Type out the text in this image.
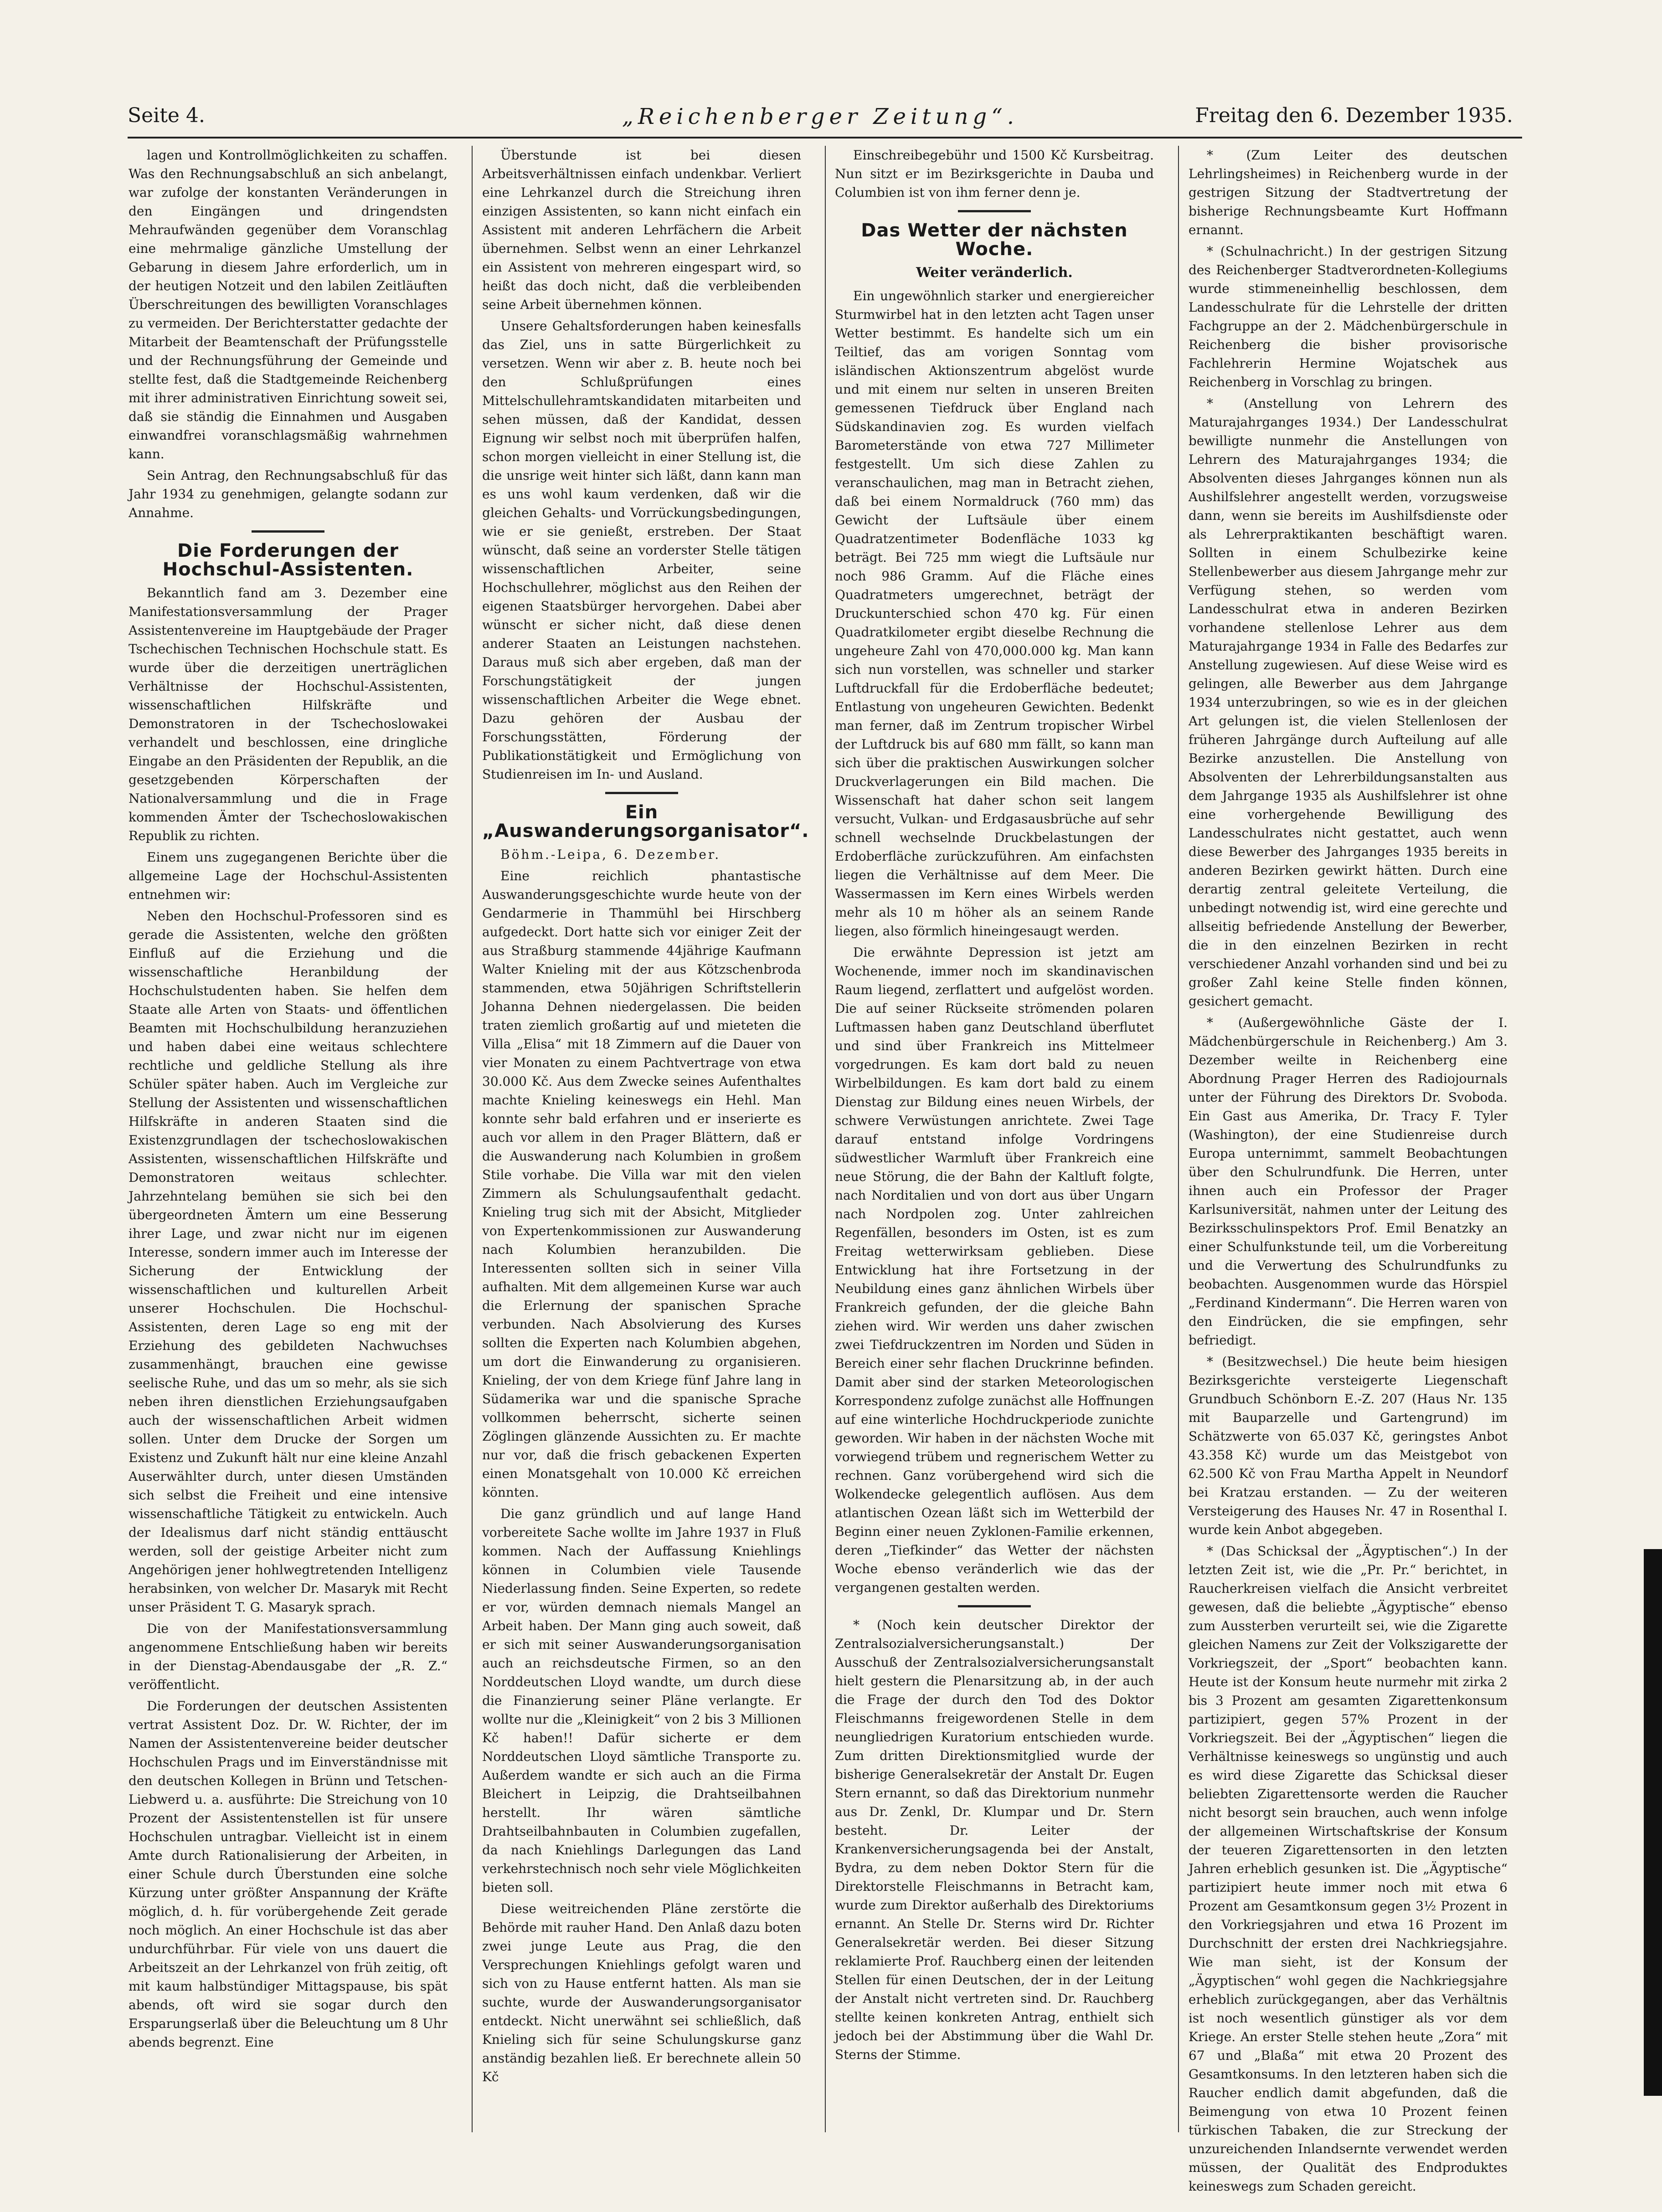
Seite 4.	„Reichenberger Zeitung“.	Freitag den 6. Dezember 1935.

lagen und Kontrollmöglichkeiten zu schaffen. Was den Rechnungsabschluß an sich anbelangt, war zufolge der konstanten Veränderungen in den Eingängen und dringendsten Mehraufwänden gegenüber dem Voranschlag eine mehrmalige gänzliche Umstellung der Gebarung in diesem Jahre erforderlich, um in der heutigen Notzeit und den labilen Zeitläuften Überschreitungen des bewilligten Voranschlages zu vermeiden. Der Berichterstatter gedachte der Mitarbeit der Beamtenschaft der Prüfungsstelle und der Rechnungsführung der Gemeinde und stellte fest, daß die Stadtgemeinde Reichenberg mit ihrer administrativen Einrichtung soweit sei, daß sie ständig die Einnahmen und Ausgaben einwandfrei voranschlagsmäßig wahrnehmen kann.

Sein Antrag, den Rechnungsabschluß für das Jahr 1934 zu genehmigen, gelangte sodann zur Annahme.

Die Forderungen der Hochschul-Assistenten.

Bekanntlich fand am 3. Dezember eine Manifestationsversammlung der Prager Assistentenvereine im Hauptgebäude der Prager Tschechischen Technischen Hochschule statt. Es wurde über die derzeitigen unerträglichen Verhältnisse der Hochschul-Assistenten, wissenschaftlichen Hilfskräfte und Demonstratoren in der Tschechoslowakei verhandelt und beschlossen, eine dringliche Eingabe an den Präsidenten der Republik, an die gesetzgebenden Körperschaften der Nationalversammlung und die in Frage kommenden Ämter der Tschechoslowakischen Republik zu richten.

Einem uns zugegangenen Berichte über die allgemeine Lage der Hochschul-Assistenten entnehmen wir:

Neben den Hochschul-Professoren sind es gerade die Assistenten, welche den größten Einfluß auf die Erziehung und die wissenschaftliche Heranbildung der Hochschulstudenten haben. Sie helfen dem Staate alle Arten von Staats- und öffentlichen Beamten mit Hochschulbildung heranzuziehen und haben dabei eine weitaus schlechtere rechtliche und geldliche Stellung als ihre Schüler später haben. Auch im Vergleiche zur Stellung der Assistenten und wissenschaftlichen Hilfskräfte in anderen Staaten sind die Existenzgrundlagen der tschechoslowakischen Assistenten, wissenschaftlichen Hilfskräfte und Demonstratoren weitaus schlechter. Jahrzehntelang bemühen sie sich bei den übergeordneten Ämtern um eine Besserung ihrer Lage, und zwar nicht nur im eigenen Interesse, sondern immer auch im Interesse der Sicherung der Entwicklung der wissenschaftlichen und kulturellen Arbeit unserer Hochschulen. Die Hochschul-Assistenten, deren Lage so eng mit der Erziehung des gebildeten Nachwuchses zusammenhängt, brauchen eine gewisse seelische Ruhe, und das um so mehr, als sie sich neben ihren dienstlichen Erziehungsaufgaben auch der wissenschaftlichen Arbeit widmen sollen. Unter dem Drucke der Sorgen um Existenz und Zukunft hält nur eine kleine Anzahl Auserwählter durch, unter diesen Umständen sich selbst die Freiheit und eine intensive wissenschaftliche Tätigkeit zu entwickeln. Auch der Idealismus darf nicht ständig enttäuscht werden, soll der geistige Arbeiter nicht zum Angehörigen jener hohlwegtretenden Intelligenz herabsinken, von welcher Dr. Masaryk mit Recht unser Präsident T. G. Masaryk sprach.

Die von der Manifestationsversammlung angenommene Entschließung haben wir bereits in der Dienstag-Abendausgabe der „R. Z.“ veröffentlicht.

Die Forderungen der deutschen Assistenten vertrat Assistent Doz. Dr. W. Richter, der im Namen der Assistentenvereine beider deutscher Hochschulen Prags und im Einverständnisse mit den deutschen Kollegen in Brünn und Tetschen-Liebwerd u. a. ausführte: Die Streichung von 10 Prozent der Assistentenstellen ist für unsere Hochschulen untragbar. Vielleicht ist in einem Amte durch Rationalisierung der Arbeiten, in einer Schule durch Überstunden eine solche Kürzung unter größter Anspannung der Kräfte möglich, d. h. für vorübergehende Zeit gerade noch möglich. An einer Hochschule ist das aber undurchführbar. Für viele von uns dauert die Arbeitszeit an der Lehrkanzel von früh zeitig, oft mit kaum halbstündiger Mittagspause, bis spät abends, oft wird sie sogar durch den Ersparungserlaß über die Beleuchtung um 8 Uhr abends begrenzt. Eine

Überstunde ist bei diesen Arbeitsverhältnissen einfach undenkbar. Verliert eine Lehrkanzel durch die Streichung ihren einzigen Assistenten, so kann nicht einfach ein Assistent mit anderen Lehrfächern die Arbeit übernehmen. Selbst wenn an einer Lehrkanzel ein Assistent von mehreren eingespart wird, so heißt das doch nicht, daß die verbleibenden seine Arbeit übernehmen können.

Unsere Gehaltsforderungen haben keinesfalls das Ziel, uns in satte Bürgerlichkeit zu versetzen. Wenn wir aber z. B. heute noch bei den Schlußprüfungen eines Mittelschullehramtskandidaten mitarbeiten und sehen müssen, daß der Kandidat, dessen Eignung wir selbst noch mit überprüfen halfen, schon morgen vielleicht in einer Stellung ist, die die unsrige weit hinter sich läßt, dann kann man es uns wohl kaum verdenken, daß wir die gleichen Gehalts- und Vorrückungsbedingungen, wie er sie genießt, erstreben. Der Staat wünscht, daß seine an vorderster Stelle tätigen wissenschaftlichen Arbeiter, seine Hochschullehrer, möglichst aus den Reihen der eigenen Staatsbürger hervorgehen. Dabei aber wünscht er sicher nicht, daß diese denen anderer Staaten an Leistungen nachstehen. Daraus muß sich aber ergeben, daß man der Forschungstätigkeit der jungen wissenschaftlichen Arbeiter die Wege ebnet. Dazu gehören der Ausbau der Forschungsstätten, Förderung der Publikationstätigkeit und Ermöglichung von Studienreisen im In- und Ausland.

Ein „Auswanderungsorganisator“.

Böhm.-Leipa, 6. Dezember.

Eine reichlich phantastische Auswanderungsgeschichte wurde heute von der Gendarmerie in Thammühl bei Hirschberg aufgedeckt. Dort hatte sich vor einiger Zeit der aus Straßburg stammende 44jährige Kaufmann Walter Knieling mit der aus Kötzschenbroda stammenden, etwa 50jährigen Schriftstellerin Johanna Dehnen niedergelassen. Die beiden traten ziemlich großartig auf und mieteten die Villa „Elisa“ mit 18 Zimmern auf die Dauer von vier Monaten zu einem Pachtvertrage von etwa 30.000 Kč. Aus dem Zwecke seines Aufenthaltes machte Knieling keineswegs ein Hehl. Man konnte sehr bald erfahren und er inserierte es auch vor allem in den Prager Blättern, daß er die Auswanderung nach Kolumbien in großem Stile vorhabe. Die Villa war mit den vielen Zimmern als Schulungsaufenthalt gedacht. Knieling trug sich mit der Absicht, Mitglieder von Expertenkommissionen zur Auswanderung nach Kolumbien heranzubilden. Die Interessenten sollten sich in seiner Villa aufhalten. Mit dem allgemeinen Kurse war auch die Erlernung der spanischen Sprache verbunden. Nach Absolvierung des Kurses sollten die Experten nach Kolumbien abgehen, um dort die Einwanderung zu organisieren. Knieling, der von dem Kriege fünf Jahre lang in Südamerika war und die spanische Sprache vollkommen beherrscht, sicherte seinen Zöglingen glänzende Aussichten zu. Er machte nur vor, daß die frisch gebackenen Experten einen Monatsgehalt von 10.000 Kč erreichen könnten.

Die ganz gründlich und auf lange Hand vorbereitete Sache wollte im Jahre 1937 in Fluß kommen. Nach der Auffassung Kniehlings können in Columbien viele Tausende Niederlassung finden. Seine Experten, so redete er vor, würden demnach niemals Mangel an Arbeit haben. Der Mann ging auch soweit, daß er sich mit seiner Auswanderungsorganisation auch an reichsdeutsche Firmen, so an den Norddeutschen Lloyd wandte, um durch diese die Finanzierung seiner Pläne verlangte. Er wollte nur die „Kleinigkeit“ von 2 bis 3 Millionen Kč haben!! Dafür sicherte er dem Norddeutschen Lloyd sämtliche Transporte zu. Außerdem wandte er sich auch an die Firma Bleichert in Leipzig, die Drahtseilbahnen herstellt. Ihr wären sämtliche Drahtseilbahnbauten in Columbien zugefallen, da nach Kniehlings Darlegungen das Land verkehrstechnisch noch sehr viele Möglichkeiten bieten soll.

Diese weitreichenden Pläne zerstörte die Behörde mit rauher Hand. Den Anlaß dazu boten zwei junge Leute aus Prag, die den Versprechungen Kniehlings gefolgt waren und sich von zu Hause entfernt hatten. Als man sie suchte, wurde der Auswanderungsorganisator entdeckt. Nicht unerwähnt sei schließlich, daß Knieling sich für seine Schulungskurse ganz anständig bezahlen ließ. Er berechnete allein 50 Kč

Einschreibegebühr und 1500 Kč Kursbeitrag. Nun sitzt er im Bezirksgerichte in Dauba und Columbien ist von ihm ferner denn je.

Das Wetter der nächsten Woche.
Weiter veränderlich.

Ein ungewöhnlich starker und energiereicher Sturmwirbel hat in den letzten acht Tagen unser Wetter bestimmt. Es handelte sich um ein Teiltief, das am vorigen Sonntag vom isländischen Aktionszentrum abgelöst wurde und mit einem nur selten in unseren Breiten gemessenen Tiefdruck über England nach Südskandinavien zog. Es wurden vielfach Barometerstände von etwa 727 Millimeter festgestellt. Um sich diese Zahlen zu veranschaulichen, mag man in Betracht ziehen, daß bei einem Normaldruck (760 mm) das Gewicht der Luftsäule über einem Quadratzentimeter Bodenfläche 1033 kg beträgt. Bei 725 mm wiegt die Luftsäule nur noch 986 Gramm. Auf die Fläche eines Quadratmeters umgerechnet, beträgt der Druckunterschied schon 470 kg. Für einen Quadratkilometer ergibt dieselbe Rechnung die ungeheure Zahl von 470,000.000 kg. Man kann sich nun vorstellen, was schneller und starker Luftdruckfall für die Erdoberfläche bedeutet; Entlastung von ungeheuren Gewichten. Bedenkt man ferner, daß im Zentrum tropischer Wirbel der Luftdruck bis auf 680 mm fällt, so kann man sich über die praktischen Auswirkungen solcher Druckverlagerungen ein Bild machen. Die Wissenschaft hat daher schon seit langem versucht, Vulkan- und Erdgasausbrüche auf sehr schnell wechselnde Druckbelastungen der Erdoberfläche zurückzuführen. Am einfachsten liegen die Verhältnisse auf dem Meer. Die Wassermassen im Kern eines Wirbels werden mehr als 10 m höher als an seinem Rande liegen, also förmlich hineingesaugt werden.

Die erwähnte Depression ist jetzt am Wochenende, immer noch im skandinavischen Raum liegend, zerflattert und aufgelöst worden. Die auf seiner Rückseite strömenden polaren Luftmassen haben ganz Deutschland überflutet und sind über Frankreich ins Mittelmeer vorgedrungen. Es kam dort bald zu neuen Wirbelbildungen. Es kam dort bald zu einem Dienstag zur Bildung eines neuen Wirbels, der schwere Verwüstungen anrichtete. Zwei Tage darauf entstand infolge Vordringens südwestlicher Warmluft über Frankreich eine neue Störung, die der Bahn der Kaltluft folgte, nach Norditalien und von dort aus über Ungarn nach Nordpolen zog. Unter zahlreichen Regenfällen, besonders im Osten, ist es zum Freitag wetterwirksam geblieben. Diese Entwicklung hat ihre Fortsetzung in der Neubildung eines ganz ähnlichen Wirbels über Frankreich gefunden, der die gleiche Bahn ziehen wird. Wir werden uns daher zwischen zwei Tiefdruckzentren im Norden und Süden in Bereich einer sehr flachen Druckrinne befinden. Damit aber sind der starken Meteorologischen Korrespondenz zufolge zunächst alle Hoffnungen auf eine winterliche Hochdruckperiode zunichte geworden. Wir haben in der nächsten Woche mit vorwiegend trübem und regnerischem Wetter zu rechnen. Ganz vorübergehend wird sich die Wolkendecke gelegentlich auflösen. Aus dem atlantischen Ozean läßt sich im Wetterbild der Beginn einer neuen Zyklonen-Familie erkennen, deren „Tiefkinder“ das Wetter der nächsten Woche ebenso veränderlich wie das der vergangenen gestalten werden.

* (Noch kein deutscher Direktor der Zentralsozialversicherungsanstalt.) Der Ausschuß der Zentralsozialversicherungsanstalt hielt gestern die Plenarsitzung ab, in der auch die Frage der durch den Tod des Doktor Fleischmanns freigewordenen Stelle in dem neungliedrigen Kuratorium entschieden wurde. Zum dritten Direktionsmitglied wurde der bisherige Generalsekretär der Anstalt Dr. Eugen Stern ernannt, so daß das Direktorium nunmehr aus Dr. Zenkl, Dr. Klumpar und Dr. Stern besteht. Dr. Leiter der Krankenversicherungsagenda bei der Anstalt, Bydra, zu dem neben Doktor Stern für die Direktorstelle Fleischmanns in Betracht kam, wurde zum Direktor außerhalb des Direktoriums ernannt. An Stelle Dr. Sterns wird Dr. Richter Generalsekretär werden. Bei dieser Sitzung reklamierte Prof. Rauchberg einen der leitenden Stellen für einen Deutschen, der in der Leitung der Anstalt nicht vertreten sind. Dr. Rauchberg stellte keinen konkreten Antrag, enthielt sich jedoch bei der Abstimmung über die Wahl Dr. Sterns der Stimme.

* (Zum Leiter des deutschen Lehrlingsheimes) in Reichenberg wurde in der gestrigen Sitzung der Stadtvertretung der bisherige Rechnungsbeamte Kurt Hoffmann ernannt.

* (Schulnachricht.) In der gestrigen Sitzung des Reichenberger Stadtverordneten-Kollegiums wurde stimmeneinhellig beschlossen, dem Landesschulrate für die Lehrstelle der dritten Fachgruppe an der 2. Mädchenbürgerschule in Reichenberg die bisher provisorische Fachlehrerin Hermine Wojatschek aus Reichenberg in Vorschlag zu bringen.

* (Anstellung von Lehrern des Maturajahrganges 1934.) Der Landesschulrat bewilligte nunmehr die Anstellungen von Lehrern des Maturajahrganges 1934; die Absolventen dieses Jahrganges können nun als Aushilfslehrer angestellt werden, vorzugsweise dann, wenn sie bereits im Aushilfsdienste oder als Lehrerpraktikanten beschäftigt waren. Sollten in einem Schulbezirke keine Stellenbewerber aus diesem Jahrgange mehr zur Verfügung stehen, so werden vom Landesschulrat etwa in anderen Bezirken vorhandene stellenlose Lehrer aus dem Maturajahrgange 1934 in Falle des Bedarfes zur Anstellung zugewiesen. Auf diese Weise wird es gelingen, alle Bewerber aus dem Jahrgange 1934 unterzubringen, so wie es in der gleichen Art gelungen ist, die vielen Stellenlosen der früheren Jahrgänge durch Aufteilung auf alle Bezirke anzustellen. Die Anstellung von Absolventen der Lehrerbildungsanstalten aus dem Jahrgange 1935 als Aushilfslehrer ist ohne eine vorhergehende Bewilligung des Landesschulrates nicht gestattet, auch wenn diese Bewerber des Jahrganges 1935 bereits in anderen Bezirken gewirkt hätten. Durch eine derartig zentral geleitete Verteilung, die unbedingt notwendig ist, wird eine gerechte und allseitig befriedende Anstellung der Bewerber, die in den einzelnen Bezirken in recht verschiedener Anzahl vorhanden sind und bei zu großer Zahl keine Stelle finden können, gesichert gemacht.

* (Außergewöhnliche Gäste der I. Mädchenbürgerschule in Reichenberg.) Am 3. Dezember weilte in Reichenberg eine Abordnung Prager Herren des Radiojournals unter der Führung des Direktors Dr. Svoboda. Ein Gast aus Amerika, Dr. Tracy F. Tyler (Washington), der eine Studienreise durch Europa unternimmt, sammelt Beobachtungen über den Schulrundfunk. Die Herren, unter ihnen auch ein Professor der Prager Karlsuniversität, nahmen unter der Leitung des Bezirksschulinspektors Prof. Emil Benatzky an einer Schulfunkstunde teil, um die Vorbereitung und die Verwertung des Schulrundfunks zu beobachten. Ausgenommen wurde das Hörspiel „Ferdinand Kindermann“. Die Herren waren von den Eindrücken, die sie empfingen, sehr befriedigt.

* (Besitzwechsel.) Die heute beim hiesigen Bezirksgerichte versteigerte Liegenschaft Grundbuch Schönborn E.-Z. 207 (Haus Nr. 135 mit Bauparzelle und Gartengrund) im Schätzwerte von 65.037 Kč, geringstes Anbot 43.358 Kč) wurde um das Meistgebot von 62.500 Kč von Frau Martha Appelt in Neundorf bei Kratzau erstanden. — Zu der weiteren Versteigerung des Hauses Nr. 47 in Rosenthal I. wurde kein Anbot abgegeben.

* (Das Schicksal der „Ägyptischen“.) In der letzten Zeit ist, wie die „Pr. Pr.“ berichtet, in Raucherkreisen vielfach die Ansicht verbreitet gewesen, daß die beliebte „Ägyptische“ ebenso zum Aussterben verurteilt sei, wie die Zigarette gleichen Namens zur Zeit der Volkszigarette der Vorkriegszeit, der „Sport“ beobachten kann. Heute ist der Konsum heute nurmehr mit zirka 2 bis 3 Prozent am gesamten Zigarettenkonsum partizipiert, gegen 57% Prozent in der Vorkriegszeit. Bei der „Ägyptischen“ liegen die Verhältnisse keineswegs so ungünstig und auch es wird diese Zigarette das Schicksal dieser beliebten Zigarettensorte werden die Raucher nicht besorgt sein brauchen, auch wenn infolge der allgemeinen Wirtschaftskrise der Konsum der teueren Zigarettensorten in den letzten Jahren erheblich gesunken ist. Die „Ägyptische“ partizipiert heute immer noch mit etwa 6 Prozent am Gesamtkonsum gegen 3½ Prozent in den Vorkriegsjahren und etwa 16 Prozent im Durchschnitt der ersten drei Nachkriegsjahre. Wie man sieht, ist der Konsum der „Ägyptischen“ wohl gegen die Nachkriegsjahre erheblich zurückgegangen, aber das Verhältnis ist noch wesentlich günstiger als vor dem Kriege. An erster Stelle stehen heute „Zora“ mit 67 und „Blaßa“ mit etwa 20 Prozent des Gesamtkonsums. In den letzteren haben sich die Raucher endlich damit abgefunden, daß die Beimengung von etwa 10 Prozent feinen türkischen Tabaken, die zur Streckung der unzureichenden Inlandsernte verwendet werden müssen, der Qualität des Endproduktes keineswegs zum Schaden gereicht.
